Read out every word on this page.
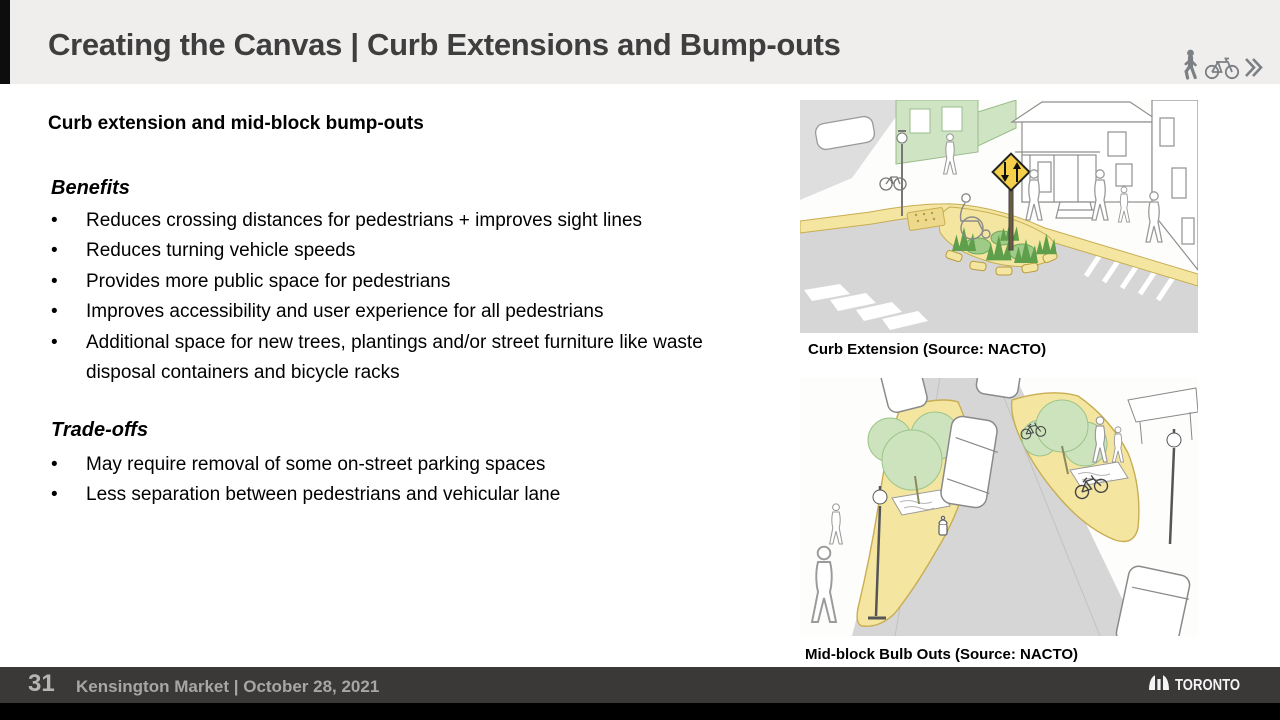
Creating the Canvas | Curb Extensions and Bump-outs
Curb extension and mid-block bump-outs
Benefits
• Reduces crossing distances for pedestrians + improves sight lines
• Reduces turning vehicle speeds
• Provides more public space for pedestrians
• Improves accessibility and user experience for all pedestrians
• Additional space for new trees, plantings and/or street furniture like waste disposal containers and bicycle racks
Trade-offs
• May require removal of some on-street parking spaces
• Less separation between pedestrians and vehicular lane
Curb Extension (Source: NACTO)
Mid-block Bulb Outs (Source: NACTO)
31 Kensington Market | October 28, 2021	TORONTO
